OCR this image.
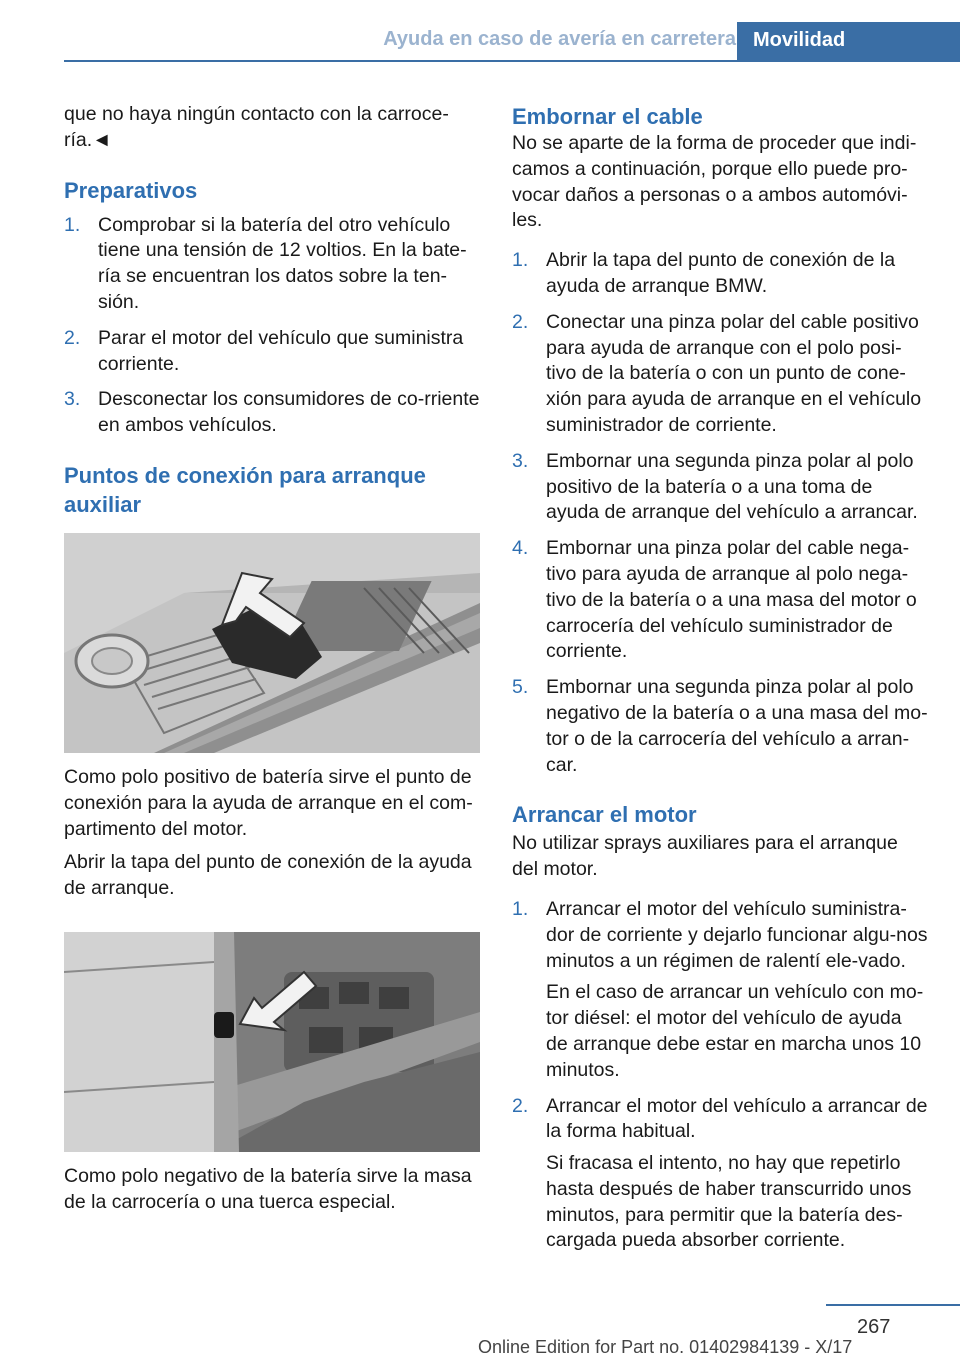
Ayuda en caso de avería en carretera Movilidad

que no haya ningún contacto con la carroce‐ría.◄

Preparativos
1. Comprobar si la batería del otro vehículo tiene una tensión de 12 voltios. En la bate‐ría se encuentran los datos sobre la ten‐sión.
2. Parar el motor del vehículo que suministra corriente.
3. Desconectar los consumidores de co‐rriente en ambos vehículos.
Puntos de conexión para arranque auxiliar

Como polo positivo de batería sirve el punto de conexión para la ayuda de arranque en el com‐partimento del motor.

Abrir la tapa del punto de conexión de la ayuda de arranque.

Como polo negativo de la batería sirve la masa de la carrocería o una tuerca especial.

Embornar el cable

No se aparte de la forma de proceder que indi‐camos a continuación, porque ello puede pro‐vocar daños a personas o a ambos automóvi‐les.

1. Abrir la tapa del punto de conexión de la ayuda de arranque BMW.
2. Conectar una pinza polar del cable positivo para ayuda de arranque con el polo posi‐tivo de la batería o con un punto de cone‐xión para ayuda de arranque en el vehículo suministrador de corriente.
3. Embornar una segunda pinza polar al polo positivo de la batería o a una toma de ayuda de arranque del vehículo a arrancar.
4. Embornar una pinza polar del cable nega‐tivo para ayuda de arranque al polo nega‐tivo de la batería o a una masa del motor o carrocería del vehículo suministrador de corriente.
5. Embornar una segunda pinza polar al polo negativo de la batería o a una masa del mo‐tor o de la carrocería del vehículo a arran‐car.
Arrancar el motor

No utilizar sprays auxiliares para el arranque del motor.

1. Arrancar el motor del vehículo suministra‐dor de corriente y dejarlo funcionar algu‐nos minutos a un régimen de ralentí ele‐vado.
En el caso de arrancar un vehículo con mo‐tor diésel: el motor del vehículo de ayuda de arranque debe estar en marcha unos 10 minutos.
2. Arrancar el motor del vehículo a arrancar de la forma habitual.
Si fracasa el intento, no hay que repetirlo hasta después de haber transcurrido unos minutos, para permitir que la batería des‐cargada pueda absorber corriente.
267
Online Edition for Part no. 01402984139 - X/17
